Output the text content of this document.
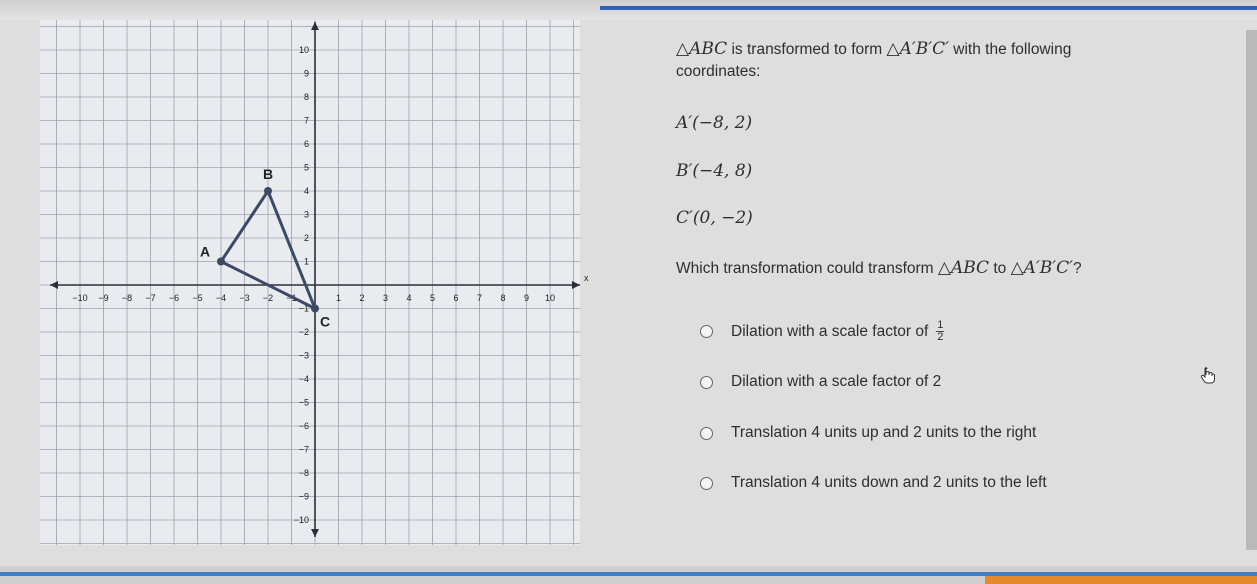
x
−10 −9 −8 −7 −6 −5 −4 −3 −2 −1	1 2 3 4 5 6 7 8 9 10
10
9
8
7
6
5
4
3
2
1
−1
−2
−3
−4
−5
−6
−7
−8
−9
−10
A
B
C

△ABC is transformed to form △A′B′C′ with the following

coordinates:

A′(−8, 2)
B′(−4, 8)
C′(0, −2)
Which transformation could transform △ABC to △A′B′C′?
Dilation with a scale factor of $\frac{1}{2}$
Dilation with a scale factor of 2
Translation 4 units up and 2 units to the right
Translation 4 units down and 2 units to the left
